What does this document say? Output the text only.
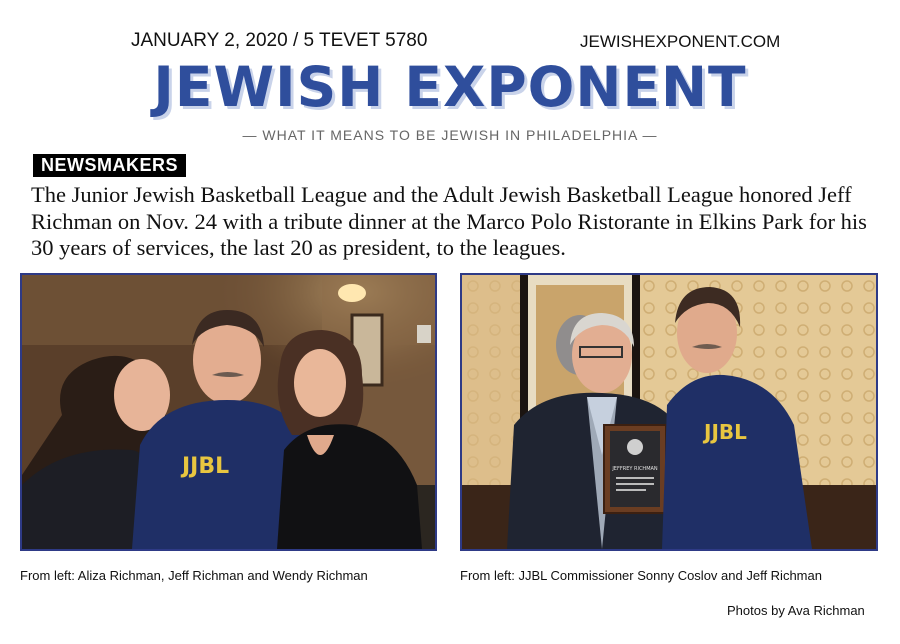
JANUARY 2, 2020 / 5 TEVET 5780	JEWISHEXPONENT.COM
JEWISH EXPONENT
— WHAT IT MEANS TO BE JEWISH IN PHILADELPHIA —
NEWSMAKERS
The Junior Jewish Basketball League and the Adult Jewish Basketball League honored Jeff Richman on Nov. 24 with a tribute dinner at the Marco Polo Ristorante in Elkins Park for his 30 years of services, the last 20 as president, to the leagues.
JJBL
From left: Aliza Richman, Jeff Richman and Wendy Richman
JEFFREY RICHMAN
JJBL
From left: JJBL Commissioner Sonny Coslov and Jeff Richman
Photos by Ava Richman
